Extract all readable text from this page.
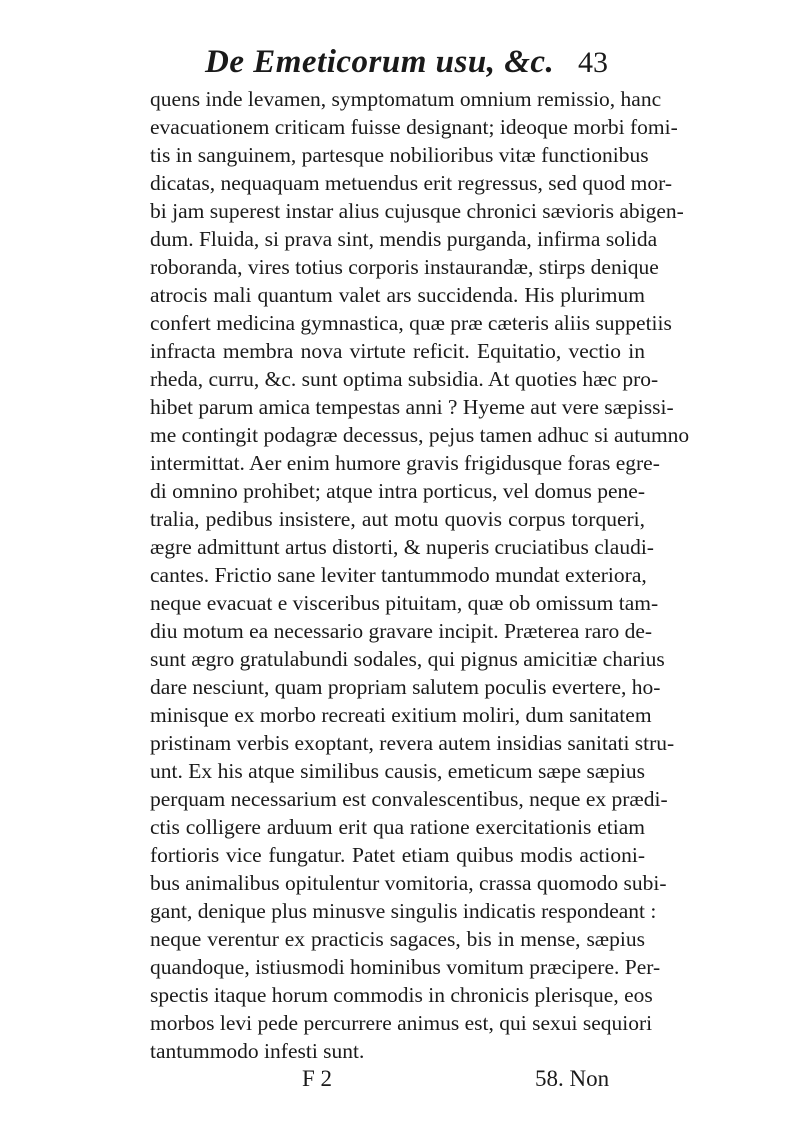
De Emeticorum usu, &c. 43
quens inde levamen, symptomatum omnium remissio, hanc
evacuationem criticam fuisse designant; ideoque morbi fomi-
tis in sanguinem, partesque nobilioribus vitæ functionibus
dicatas, nequaquam metuendus erit regressus, sed quod mor-
bi jam superest instar alius cujusque chronici sævioris abigen-
dum. Fluida, si prava sint, mendis purganda, infirma solida
roboranda, vires totius corporis instaurandæ, stirps denique
atrocis mali quantum valet ars succidenda. His plurimum
confert medicina gymnastica, quæ præ cæteris aliis suppetiis
infracta membra nova virtute reficit. Equitatio, vectio in
rheda, curru, &c. sunt optima subsidia. At quoties hæc pro-
hibet parum amica tempestas anni ? Hyeme aut vere sæpissi-
me contingit podagræ decessus, pejus tamen adhuc si autumno
intermittat. Aer enim humore gravis frigidusque foras egre-
di omnino prohibet; atque intra porticus, vel domus pene-
tralia, pedibus insistere, aut motu quovis corpus torqueri,
ægre admittunt artus distorti, & nuperis cruciatibus claudi-
cantes. Frictio sane leviter tantummodo mundat exteriora,
neque evacuat e visceribus pituitam, quæ ob omissum tam-
diu motum ea necessario gravare incipit. Præterea raro de-
sunt ægro gratulabundi sodales, qui pignus amicitiæ charius
dare nesciunt, quam propriam salutem poculis evertere, ho-
minisque ex morbo recreati exitium moliri, dum sanitatem
pristinam verbis exoptant, revera autem insidias sanitati stru-
unt. Ex his atque similibus causis, emeticum sæpe sæpius
perquam necessarium est convalescentibus, neque ex prædi-
ctis colligere arduum erit qua ratione exercitationis etiam
fortioris vice fungatur. Patet etiam quibus modis actioni-
bus animalibus opitulentur vomitoria, crassa quomodo subi-
gant, denique plus minusve singulis indicatis respondeant :
neque verentur ex practicis sagaces, bis in mense, sæpius
quandoque, istiusmodi hominibus vomitum præcipere. Per-
spectis itaque horum commodis in chronicis plerisque, eos
morbos levi pede percurrere animus est, qui sexui sequiori
tantummodo infesti sunt.
F 2	58. Non
